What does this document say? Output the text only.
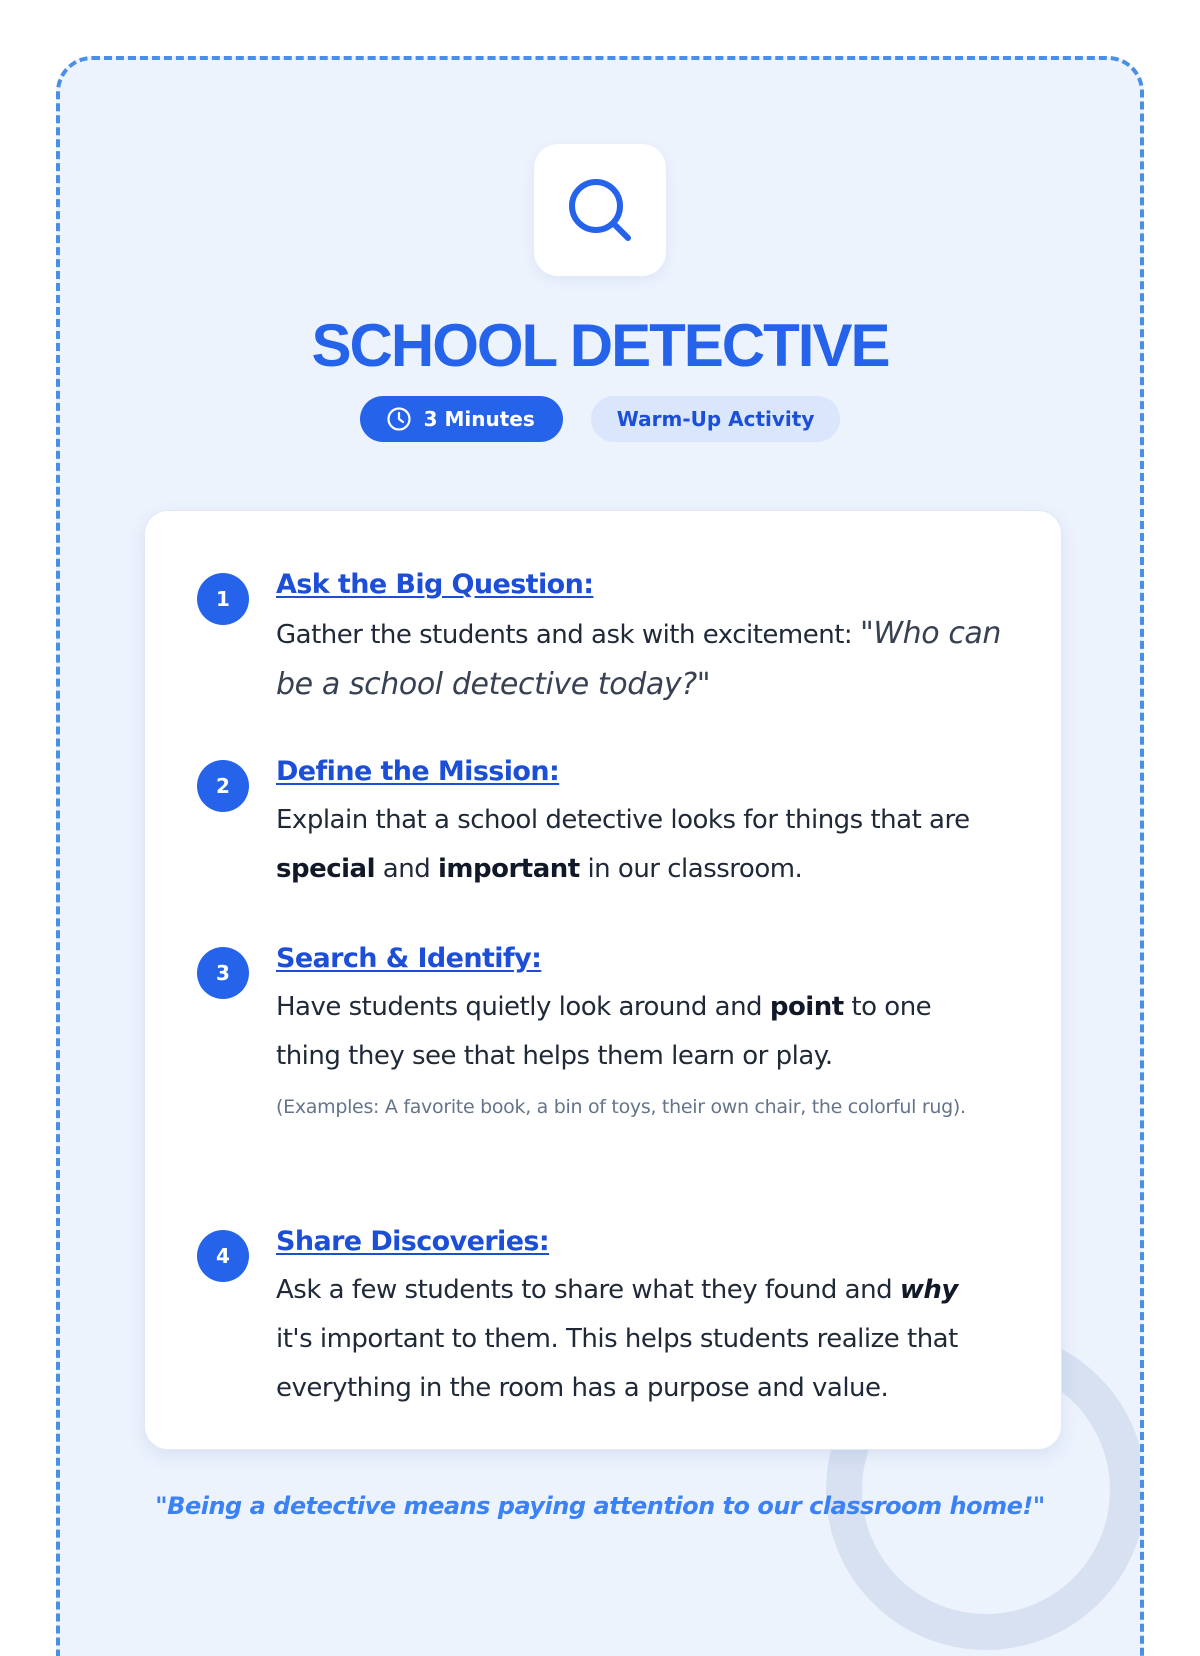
SCHOOL DETECTIVE
3 Minutes	Warm-Up Activity
1	Ask the Big Question:

Gather the students and ask with excitement: "Who can be a school detective today?"

2	Define the Mission:

Explain that a school detective looks for things that are special and important in our classroom.

3	Search & Identify:

Have students quietly look around and point to one thing they see that helps them learn or play.

(Examples: A favorite book, a bin of toys, their own chair, the colorful rug).

4	Share Discoveries:

Ask a few students to share what they found and why it's important to them. This helps students realize that everything in the room has a purpose and value.

"Being a detective means paying attention to our classroom home!"
